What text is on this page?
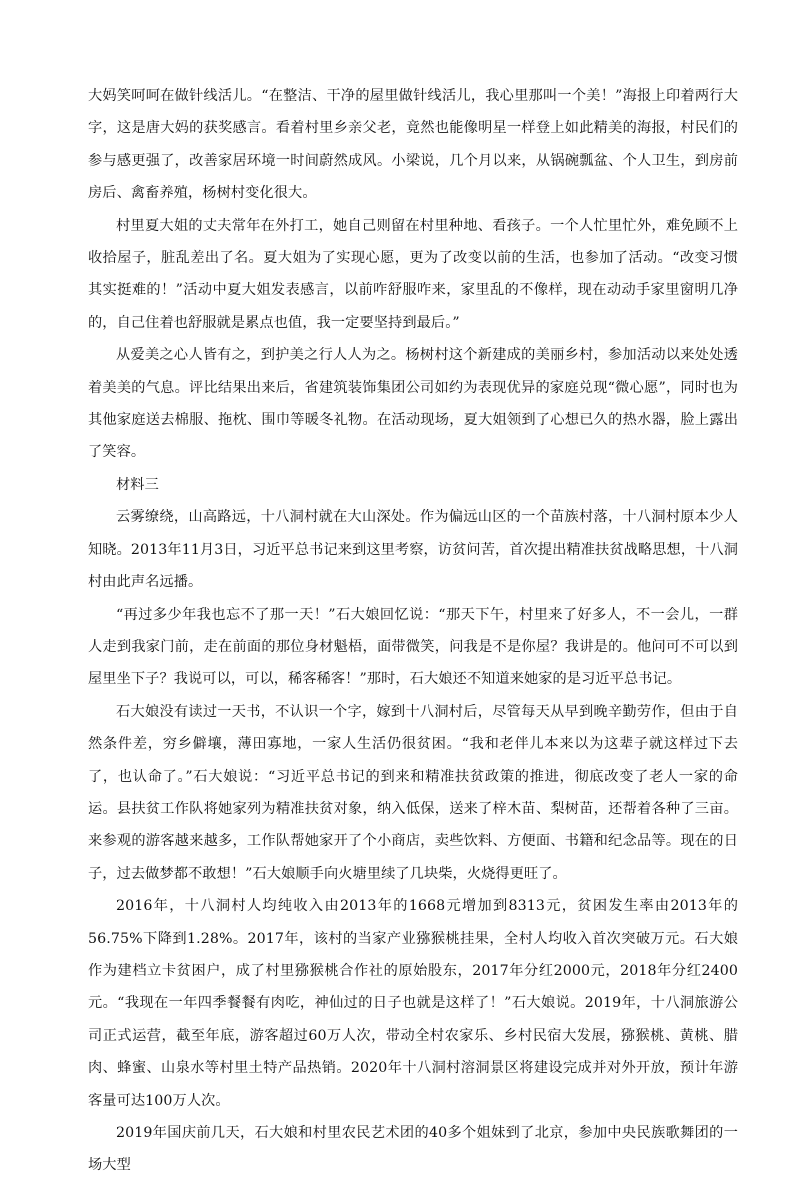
大妈笑呵呵在做针线活儿。“在整洁、干净的屋里做针线活儿，我心里那叫一个美！”海报上印着两行大字，这是唐大妈的获奖感言。看着村里乡亲父老，竟然也能像明星一样登上如此精美的海报，村民们的参与感更强了，改善家居环境一时间蔚然成风。小梁说，几个月以来，从锅碗瓢盆、个人卫生，到房前房后、禽畜养殖，杨树村变化很大。

村里夏大姐的丈夫常年在外打工，她自己则留在村里种地、看孩子。一个人忙里忙外，难免顾不上收拾屋子，脏乱差出了名。夏大姐为了实现心愿，更为了改变以前的生活，也参加了活动。“改变习惯其实挺难的！”活动中夏大姐发表感言，以前咋舒服咋来，家里乱的不像样，现在动动手家里窗明几净的，自己住着也舒服就是累点也值，我一定要坚持到最后。”

从爱美之心人皆有之，到护美之行人人为之。杨树村这个新建成的美丽乡村，参加活动以来处处透着美美的气息。评比结果出来后，省建筑装饰集团公司如约为表现优异的家庭兑现“微心愿”，同时也为其他家庭送去棉服、拖枕、围巾等暖冬礼物。在活动现场，夏大姐领到了心想已久的热水器，脸上露出了笑容。

材料三

云雾缭绕，山高路远，十八洞村就在大山深处。作为偏远山区的一个苗族村落，十八洞村原本少人知晓。2013年11月3日，习近平总书记来到这里考察，访贫问苦，首次提出精准扶贫战略思想，十八洞村由此声名远播。

“再过多少年我也忘不了那一天！”石大娘回忆说：“那天下午，村里来了好多人，不一会儿，一群人走到我家门前，走在前面的那位身材魁梧，面带微笑，问我是不是你屋？我讲是的。他问可不可以到屋里坐下子？我说可以，可以，稀客稀客！”那时，石大娘还不知道来她家的是习近平总书记。

石大娘没有读过一天书，不认识一个字，嫁到十八洞村后，尽管每天从早到晚辛勤劳作，但由于自然条件差，穷乡僻壤，薄田寡地，一家人生活仍很贫困。“我和老伴儿本来以为这辈子就这样过下去了，也认命了。”石大娘说：“习近平总书记的到来和精准扶贫政策的推进，彻底改变了老人一家的命运。县扶贫工作队将她家列为精准扶贫对象，纳入低保，送来了梓木苗、梨树苗，还帮着各种了三亩。来参观的游客越来越多，工作队帮她家开了个小商店，卖些饮料、方便面、书籍和纪念品等。现在的日子，过去做梦都不敢想！”石大娘顺手向火塘里续了几块柴，火烧得更旺了。

2016年，十八洞村人均纯收入由2013年的1668元增加到8313元，贫困发生率由2013年的56.75%下降到1.28%。2017年，该村的当家产业猕猴桃挂果，全村人均收入首次突破万元。石大娘作为建档立卡贫困户，成了村里猕猴桃合作社的原始股东，2017年分红2000元，2018年分红2400元。“我现在一年四季餐餐有肉吃，神仙过的日子也就是这样了！”石大娘说。2019年，十八洞旅游公司正式运营，截至年底，游客超过60万人次，带动全村农家乐、乡村民宿大发展，猕猴桃、黄桃、腊肉、蜂蜜、山泉水等村里土特产品热销。2020年十八洞村溶洞景区将建设完成并对外开放，预计年游客量可达100万人次。

2019年国庆前几天，石大娘和村里农民艺术团的40多个姐妹到了北京，参加中央民族歌舞团的一场大型
